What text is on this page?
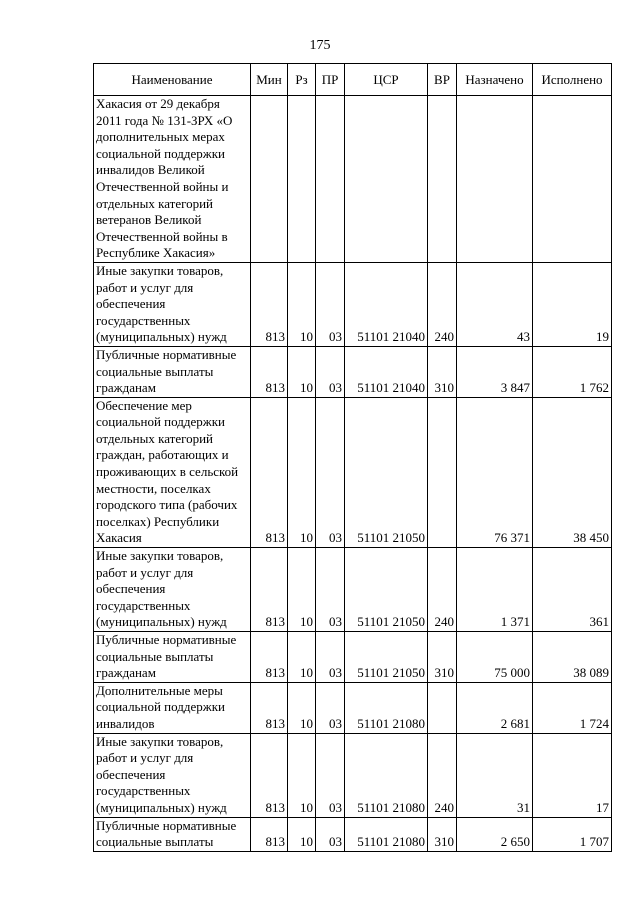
175
Наименование	Мин	Рз	ПР	ЦСР	ВР	Назначено	Исполнено
Хакасия от 29 декабря 2011 года № 131-ЗРХ «О дополнительных мерах социальной поддержки инвалидов Великой Отечественной войны и отдельных категорий ветеранов Великой Отечественной войны в Республике Хакасия»							
Иные закупки товаров, работ и услуг для обеспечения государственных (муниципальных) нужд	813	10	03	51101 21040	240	43	19
Публичные нормативные социальные выплаты гражданам	813	10	03	51101 21040	310	3 847	1 762
Обеспечение мер социальной поддержки отдельных категорий граждан, работающих и проживающих в сельской местности, поселках городского типа (рабочих поселках) Республики Хакасия	813	10	03	51101 21050		76 371	38 450
Иные закупки товаров, работ и услуг для обеспечения государственных (муниципальных) нужд	813	10	03	51101 21050	240	1 371	361
Публичные нормативные социальные выплаты гражданам	813	10	03	51101 21050	310	75 000	38 089
Дополнительные меры социальной поддержки инвалидов	813	10	03	51101 21080		2 681	1 724
Иные закупки товаров, работ и услуг для обеспечения государственных (муниципальных) нужд	813	10	03	51101 21080	240	31	17
Публичные нормативные социальные выплаты	813	10	03	51101 21080	310	2 650	1 707
